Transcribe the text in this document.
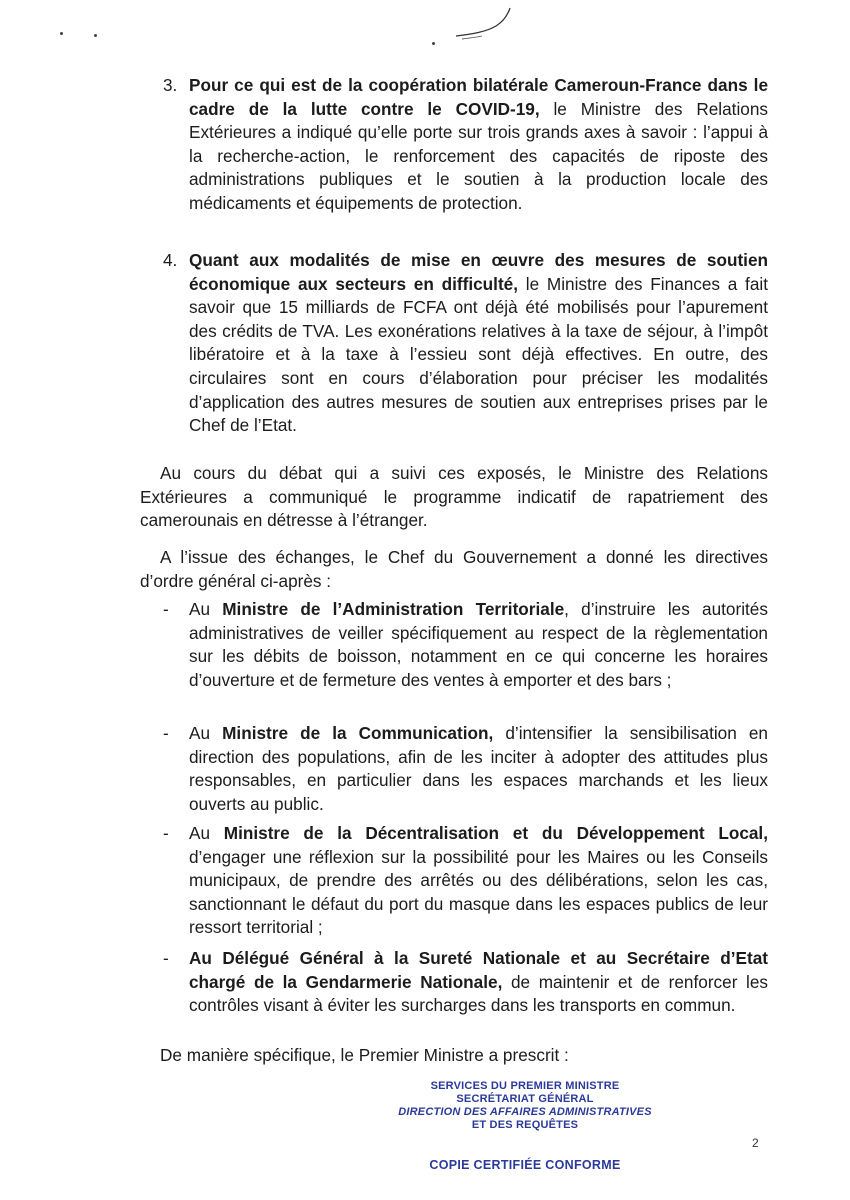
3. Pour ce qui est de la coopération bilatérale Cameroun-France dans le cadre de la lutte contre le COVID-19, le Ministre des Relations Extérieures a indiqué qu’elle porte sur trois grands axes à savoir : l’appui à la recherche-action, le renforcement des capacités de riposte des administrations publiques et le soutien à la production locale des médicaments et équipements de protection.
4. Quant aux modalités de mise en œuvre des mesures de soutien économique aux secteurs en difficulté, le Ministre des Finances a fait savoir que 15 milliards de FCFA ont déjà été mobilisés pour l’apurement des crédits de TVA. Les exonérations relatives à la taxe de séjour, à l’impôt libératoire et à la taxe à l’essieu sont déjà effectives. En outre, des circulaires sont en cours d’élaboration pour préciser les modalités d’application des autres mesures de soutien aux entreprises prises par le Chef de l’Etat.
Au cours du débat qui a suivi ces exposés, le Ministre des Relations Extérieures a communiqué le programme indicatif de rapatriement des camerounais en détresse à l’étranger.
A l’issue des échanges, le Chef du Gouvernement a donné les directives d’ordre général ci-après :
- Au Ministre de l’Administration Territoriale, d’instruire les autorités administratives de veiller spécifiquement au respect de la règlementation sur les débits de boisson, notamment en ce qui concerne les horaires d’ouverture et de fermeture des ventes à emporter et des bars ;
- Au Ministre de la Communication, d’intensifier la sensibilisation en direction des populations, afin de les inciter à adopter des attitudes plus responsables, en particulier dans les espaces marchands et les lieux ouverts au public.
- Au Ministre de la Décentralisation et du Développement Local, d’engager une réflexion sur la possibilité pour les Maires ou les Conseils municipaux, de prendre des arrêtés ou des délibérations, selon les cas, sanctionnant le défaut du port du masque dans les espaces publics de leur ressort territorial ;
- Au Délégué Général à la Sureté Nationale et au Secrétaire d’Etat chargé de la Gendarmerie Nationale, de maintenir et de renforcer les contrôles visant à éviter les surcharges dans les transports en commun.
De manière spécifique, le Premier Ministre a prescrit :
SERVICES DU PREMIER MINISTRE
SECRÉTARIAT GÉNÉRAL
DIRECTION DES AFFAIRES ADMINISTRATIVES
ET DES REQUÊTES
2
COPIE CERTIFIÉE CONFORME
